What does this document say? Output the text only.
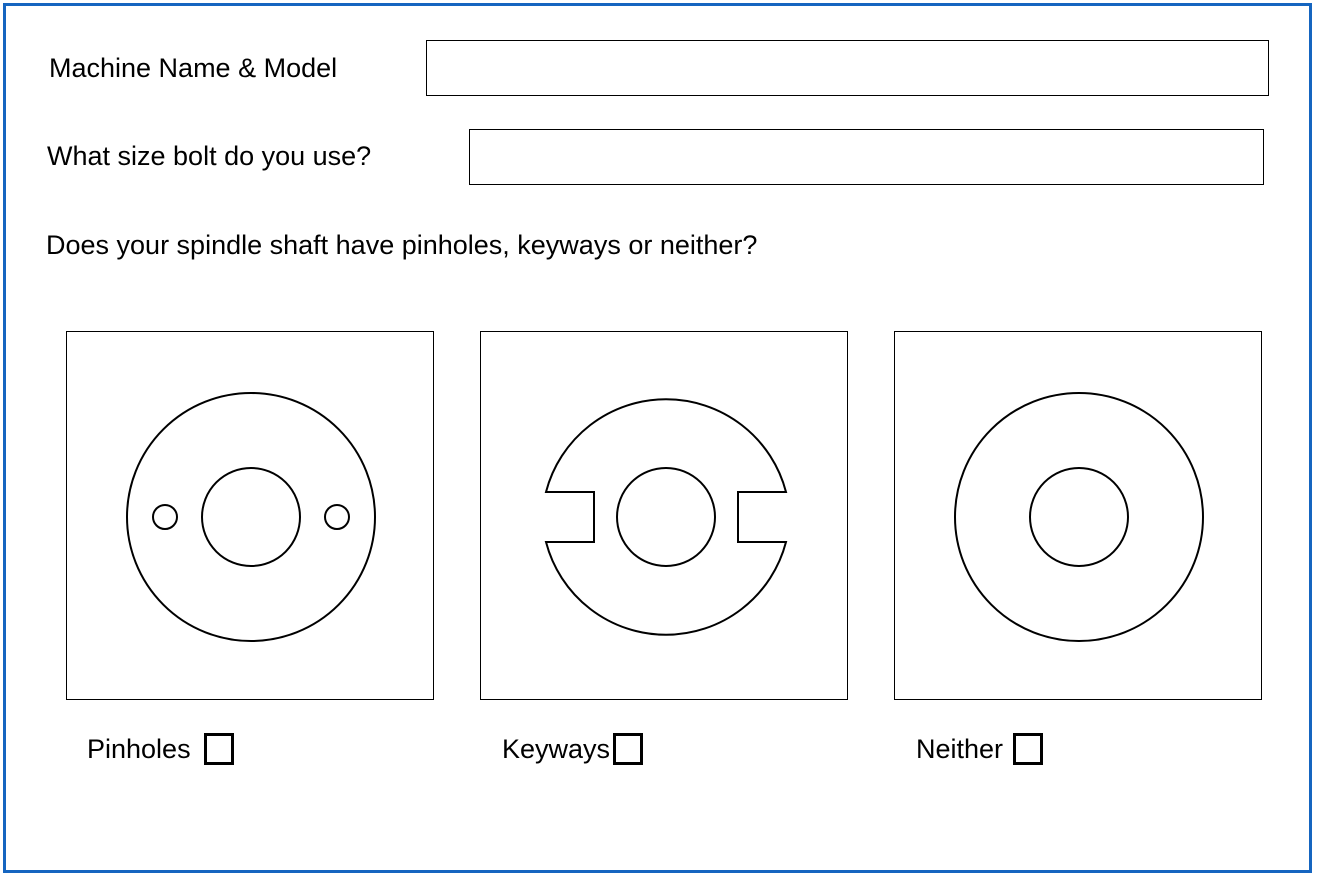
Machine Name & Model
What size bolt do you use?
Does your spindle shaft have pinholes, keyways or neither?
Pinholes	Keyways	Neither
